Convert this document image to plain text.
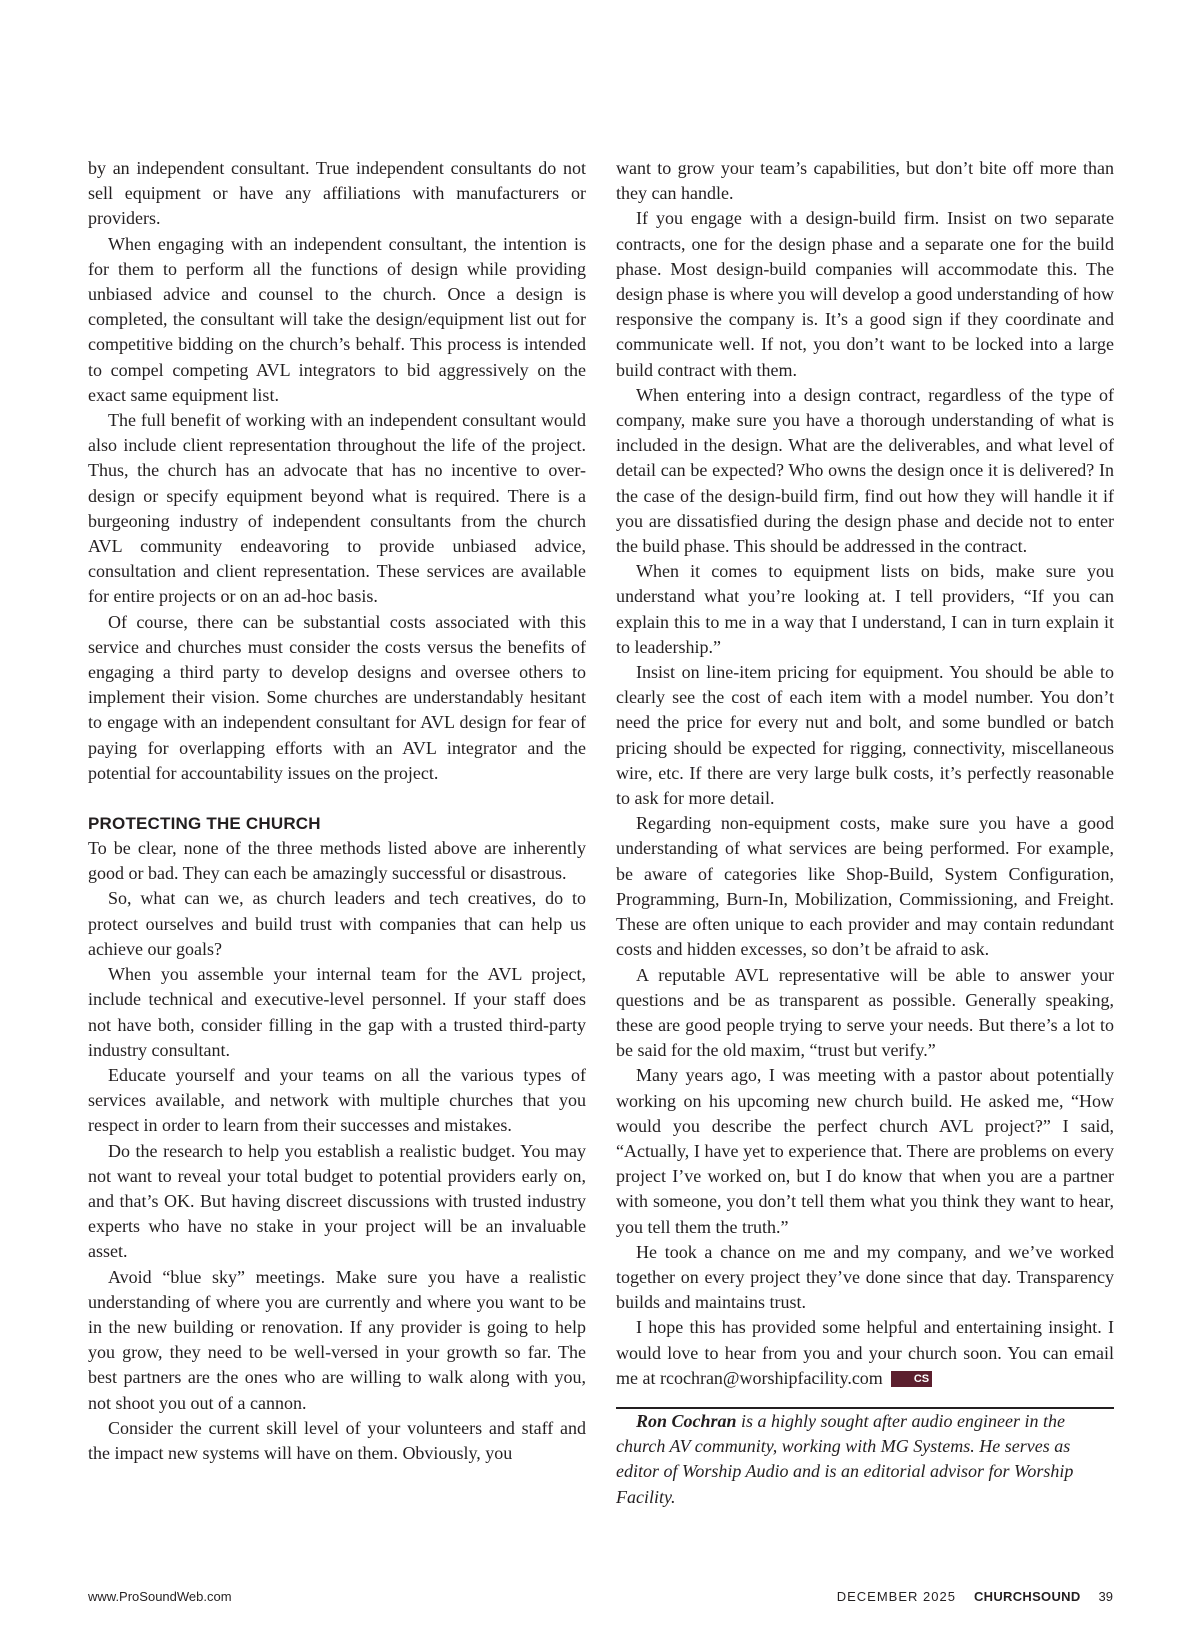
by an independent consultant. True independent consultants do not sell equipment or have any affiliations with manufacturers or providers.

When engaging with an independent consultant, the intention is for them to perform all the functions of design while providing unbiased advice and counsel to the church. Once a design is completed, the consultant will take the design/equipment list out for competitive bidding on the church’s behalf. This process is intended to compel competing AVL integrators to bid aggressively on the exact same equipment list.

The full benefit of working with an independent consultant would also include client representation throughout the life of the project. Thus, the church has an advocate that has no incentive to over-design or specify equipment beyond what is required. There is a burgeoning industry of independent consultants from the church AVL community endeavoring to provide unbiased advice, consultation and client representation. These services are available for entire projects or on an ad-hoc basis.

Of course, there can be substantial costs associated with this service and churches must consider the costs versus the benefits of engaging a third party to develop designs and oversee others to implement their vision. Some churches are understandably hesitant to engage with an independent consultant for AVL design for fear of paying for overlapping efforts with an AVL integrator and the potential for accountability issues on the project.

PROTECTING THE CHURCH

To be clear, none of the three methods listed above are inherently good or bad. They can each be amazingly successful or disastrous.

So, what can we, as church leaders and tech creatives, do to protect ourselves and build trust with companies that can help us achieve our goals?

When you assemble your internal team for the AVL project, include technical and executive-level personnel. If your staff does not have both, consider filling in the gap with a trusted third-party industry consultant.

Educate yourself and your teams on all the various types of services available, and network with multiple churches that you respect in order to learn from their successes and mistakes.

Do the research to help you establish a realistic budget. You may not want to reveal your total budget to potential providers early on, and that’s OK. But having discreet discussions with trusted industry experts who have no stake in your project will be an invaluable asset.

Avoid “blue sky” meetings. Make sure you have a realistic understanding of where you are currently and where you want to be in the new building or renovation. If any provider is going to help you grow, they need to be well-versed in your growth so far. The best partners are the ones who are willing to walk along with you, not shoot you out of a cannon.

Consider the current skill level of your volunteers and staff and the impact new systems will have on them. Obviously, you

want to grow your team’s capabilities, but don’t bite off more than they can handle.

If you engage with a design-build firm. Insist on two separate contracts, one for the design phase and a separate one for the build phase. Most design-build companies will accommodate this. The design phase is where you will develop a good understanding of how responsive the company is. It’s a good sign if they coordinate and communicate well. If not, you don’t want to be locked into a large build contract with them.

When entering into a design contract, regardless of the type of company, make sure you have a thorough understanding of what is included in the design. What are the deliverables, and what level of detail can be expected? Who owns the design once it is delivered? In the case of the design-build firm, find out how they will handle it if you are dissatisfied during the design phase and decide not to enter the build phase. This should be addressed in the contract.

When it comes to equipment lists on bids, make sure you understand what you’re looking at. I tell providers, “If you can explain this to me in a way that I understand, I can in turn explain it to leadership.”

Insist on line-item pricing for equipment. You should be able to clearly see the cost of each item with a model number. You don’t need the price for every nut and bolt, and some bundled or batch pricing should be expected for rigging, connectivity, miscellaneous wire, etc. If there are very large bulk costs, it’s perfectly reasonable to ask for more detail.

Regarding non-equipment costs, make sure you have a good understanding of what services are being performed. For example, be aware of categories like Shop-Build, System Configuration, Programming, Burn-In, Mobilization, Commissioning, and Freight. These are often unique to each provider and may contain redundant costs and hidden excesses, so don’t be afraid to ask.

A reputable AVL representative will be able to answer your questions and be as transparent as possible. Generally speaking, these are good people trying to serve your needs. But there’s a lot to be said for the old maxim, “trust but verify.”

Many years ago, I was meeting with a pastor about potentially working on his upcoming new church build. He asked me, “How would you describe the perfect church AVL project?” I said, “Actually, I have yet to experience that. There are problems on every project I’ve worked on, but I do know that when you are a partner with someone, you don’t tell them what you think they want to hear, you tell them the truth.”

He took a chance on me and my company, and we’ve worked together on every project they’ve done since that day. Transparency builds and maintains trust.

I hope this has provided some helpful and entertaining insight. I would love to hear from you and your church soon. You can email me at rcochran@worshipfacility.com	CS

Ron Cochran is a highly sought after audio engineer in the church AV community, working with MG Systems. He serves as editor of Worship Audio and is an editorial advisor for Worship Facility.

www.ProSoundWeb.com	DECEMBER 2025 CHURCHSOUND 39
